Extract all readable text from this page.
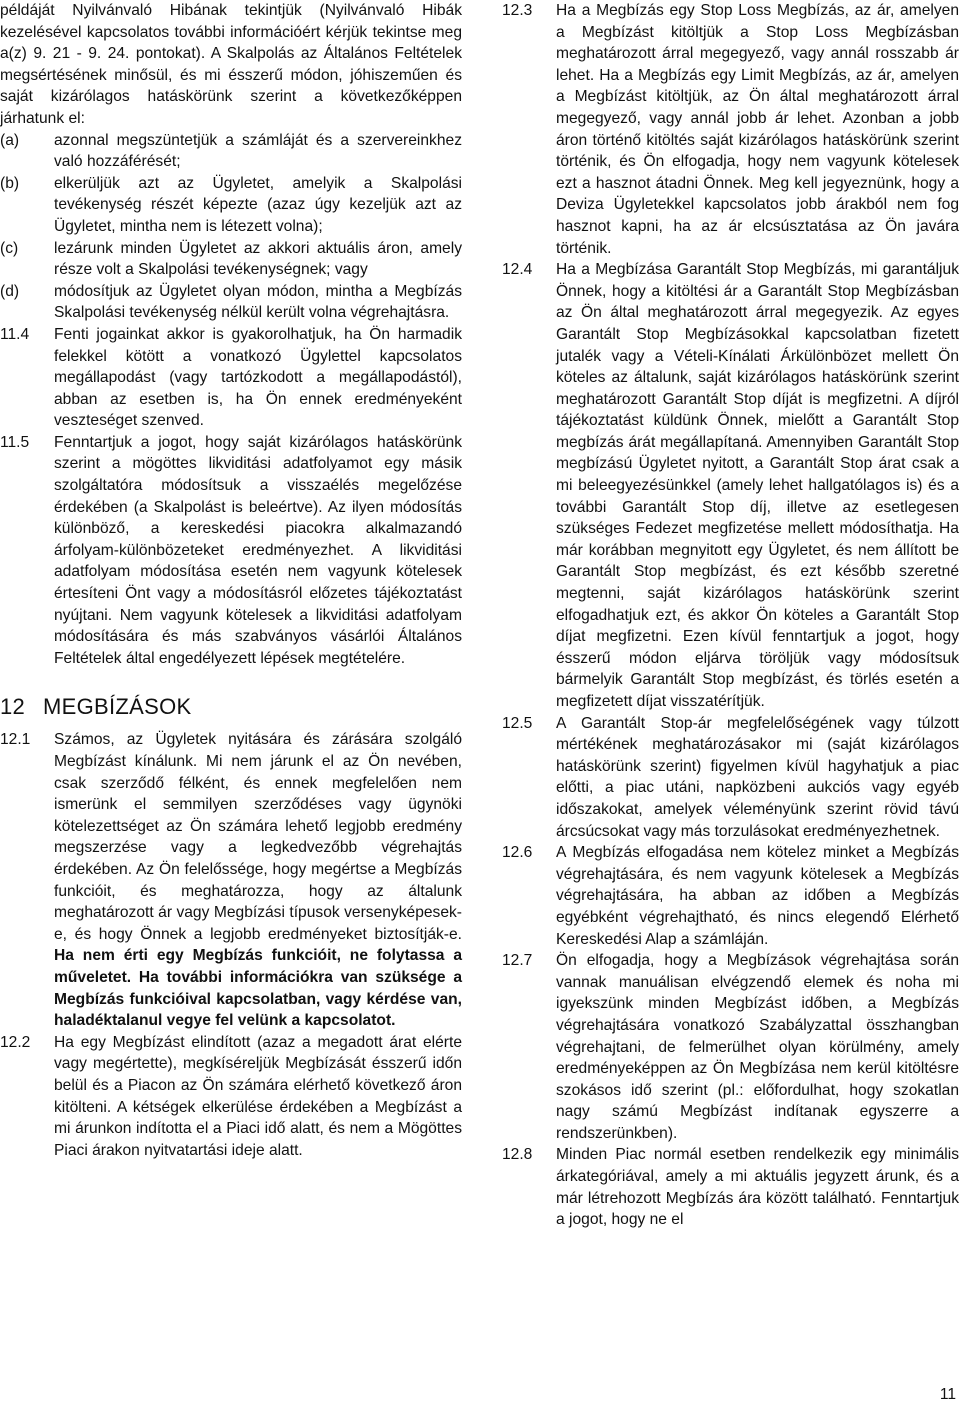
példáját Nyilvánvaló Hibának tekintjük (Nyilvánvaló Hibák kezelésével kapcsolatos további információért kérjük tekintse meg a(z) 9. 21 - 9. 24. pontokat). A Skalpolás az Általános Feltételek megsértésének minősül, és mi ésszerű módon, jóhiszeműen és saját kizárólagos hatáskörünk szerint a következőképpen járhatunk el:
(a) azonnal megszüntetjük a számláját és a szervereinkhez való hozzáférését;
(b) elkerüljük azt az Ügyletet, amelyik a Skalpolási tevékenység részét képezte (azaz úgy kezeljük azt az Ügyletet, mintha nem is létezett volna);
(c) lezárunk minden Ügyletet az akkori aktuális áron, amely része volt a Skalpolási tevékenységnek; vagy
(d) módosítjuk az Ügyletet olyan módon, mintha a Megbízás Skalpolási tevékenység nélkül került volna végrehajtásra.
11.4 Fenti jogainkat akkor is gyakorolhatjuk, ha Ön harmadik felekkel kötött a vonatkozó Ügylettel kapcsolatos megállapodást (vagy tartózkodott a megállapodástól), abban az esetben is, ha Ön ennek eredményeként veszteséget szenved.
11.5 Fenntartjuk a jogot, hogy saját kizárólagos hatáskörünk szerint a mögöttes likviditási adatfolyamot egy másik szolgáltatóra módosítsuk a visszaélés megelőzése érdekében (a Skalpolást is beleértve). Az ilyen módosítás különböző, a kereskedési piacokra alkalmazandó árfolyam-különbözeteket eredményezhet. A likviditási adatfolyam módosítása esetén nem vagyunk kötelesek értesíteni Önt vagy a módosításról előzetes tájékoztatást nyújtani. Nem vagyunk kötelesek a likviditási adatfolyam módosítására és más szabványos vásárlói Általános Feltételek által engedélyezett lépések megtételére.
12 MEGBÍZÁSOK
12.1 Számos, az Ügyletek nyitására és zárására szolgáló Megbízást kínálunk. Mi nem járunk el az Ön nevében, csak szerződő félként, és ennek megfelelően nem ismerünk el semmilyen szerződéses vagy ügynöki kötelezettséget az Ön számára lehető legjobb eredmény megszerzése vagy a legkedvezőbb végrehajtás érdekében. Az Ön felelőssége, hogy megértse a Megbízás funkcióit, és meghatározza, hogy az általunk meghatározott ár vagy Megbízási típusok versenyképesek-e, és hogy Önnek a legjobb eredményeket biztosítják-e. Ha nem érti egy Megbízás funkcióit, ne folytassa a műveletet. Ha további információkra van szüksége a Megbízás funkcióival kapcsolatban, vagy kérdése van, haladéktalanul vegye fel velünk a kapcsolatot.
12.2 Ha egy Megbízást elindított (azaz a megadott árat elérte vagy megértette), megkíséreljük Megbízását ésszerű időn belül és a Piacon az Ön számára elérhető következő áron kitölteni. A kétségek elkerülése érdekében a Megbízást a mi árunkon indította el a Piaci idő alatt, és nem a Mögöttes Piaci árakon nyitvatartási ideje alatt.
12.3 Ha a Megbízás egy Stop Loss Megbízás, az ár, amelyen a Megbízást kitöltjük a Stop Loss Megbízásban meghatározott árral megegyező, vagy annál rosszabb ár lehet. Ha a Megbízás egy Limit Megbízás, az ár, amelyen a Megbízást kitöltjük, az Ön által meghatározott árral megegyező, vagy annál jobb ár lehet. Azonban a jobb áron történő kitöltés saját kizárólagos hatáskörünk szerint történik, és Ön elfogadja, hogy nem vagyunk kötelesek ezt a hasznot átadni Önnek. Meg kell jegyeznünk, hogy a Deviza Ügyletekkel kapcsolatos jobb árakból nem fog hasznot kapni, ha az ár elcsúsztatása az Ön javára történik.
12.4 Ha a Megbízása Garantált Stop Megbízás, mi garantáljuk Önnek, hogy a kitöltési ár a Garantált Stop Megbízásban az Ön által meghatározott árral megegyezik. Az egyes Garantált Stop Megbízásokkal kapcsolatban fizetett jutalék vagy a Vételi-Kínálati Árkülönbözet mellett Ön köteles az általunk, saját kizárólagos hatáskörünk szerint meghatározott Garantált Stop díját is megfizetni. A díjról tájékoztatást küldünk Önnek, mielőtt a Garantált Stop megbízás árát megállapítaná. Amennyiben Garantált Stop megbízású Ügyletet nyitott, a Garantált Stop árat csak a mi beleegyezésünkkel (amely lehet hallgatólagos is) és a további Garantált Stop díj, illetve az esetlegesen szükséges Fedezet megfizetése mellett módosíthatja. Ha már korábban megnyitott egy Ügyletet, és nem állított be Garantált Stop megbízást, és ezt később szeretné megtenni, saját kizárólagos hatáskörünk szerint elfogadhatjuk ezt, és akkor Ön köteles a Garantált Stop díjat megfizetni. Ezen kívül fenntartjuk a jogot, hogy ésszerű módon eljárva töröljük vagy módosítsuk bármelyik Garantált Stop megbízást, és törlés esetén a megfizetett díjat visszatérítjük.
12.5 A Garantált Stop-ár megfelelőségének vagy túlzott mértékének meghatározásakor mi (saját kizárólagos hatáskörünk szerint) figyelmen kívül hagyhatjuk a piac előtti, a piac utáni, napközbeni aukciós vagy egyéb időszakokat, amelyek véleményünk szerint rövid távú árcsúcsokat vagy más torzulásokat eredményezhetnek.
12.6 A Megbízás elfogadása nem kötelez minket a Megbízás végrehajtására, és nem vagyunk kötelesek a Megbízás végrehajtására, ha abban az időben a Megbízás egyébként végrehajtható, és nincs elegendő Elérhető Kereskedési Alap a számláján.
12.7 Ön elfogadja, hogy a Megbízások végrehajtása során vannak manuálisan elvégzendő elemek és noha mi igyekszünk minden Megbízást időben, a Megbízás végrehajtására vonatkozó Szabályzattal összhangban végrehajtani, de felmerülhet olyan körülmény, amely eredményeképpen az Ön Megbízása nem kerül kitöltésre szokásos idő szerint (pl.: előfordulhat, hogy szokatlan nagy számú Megbízást indítanak egyszerre a rendszerünkben).
12.8 Minden Piac normál esetben rendelkezik egy minimális árkategóriával, amely a mi aktuális jegyzett árunk, és a már létrehozott Megbízás ára között található. Fenntartjuk a jogot, hogy ne el
11
